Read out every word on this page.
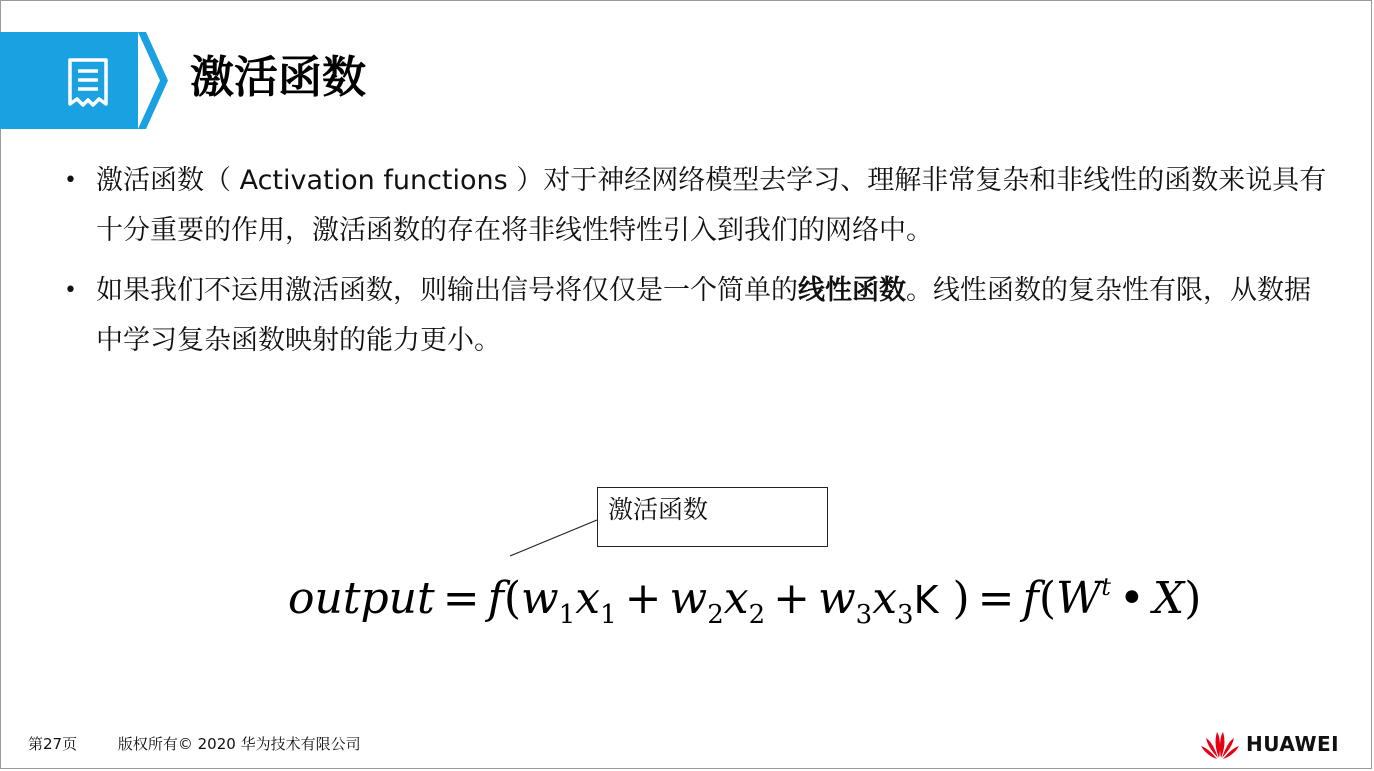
激活函数
• 激活函数（ Activation functions ）对于神经网络模型去学习、理解非常复杂和非线性的函数来说具有十分重要的作用，激活函数的存在将非线性特性引入到我们的网络中。
• 如果我们不运用激活函数，则输出信号将仅仅是一个简单的线性函数。线性函数的复杂性有限，从数据中学习复杂函数映射的能力更小。
激活函数
output = $f(w_1x_1 + w_2x_2 + w_3x_3K$ ) = $f(W^t$ • X)
第27页	版权所有© 2020 华为技术有限公司	HUAWEI
